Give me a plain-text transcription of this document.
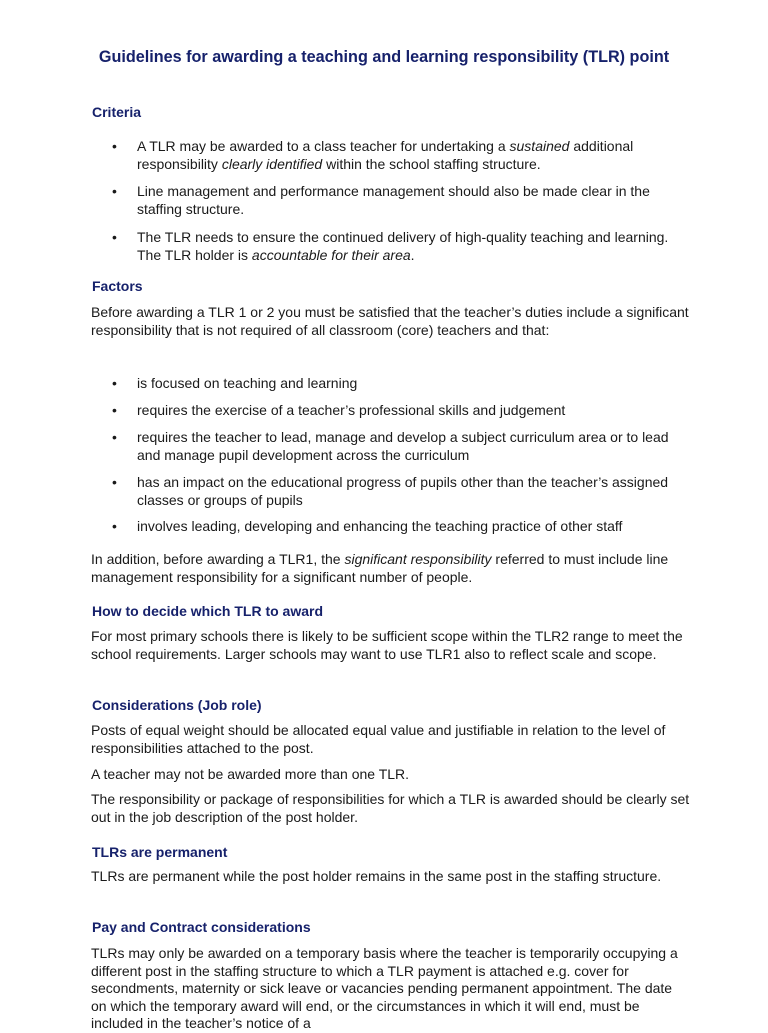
Guidelines for awarding a teaching and learning responsibility (TLR) point
Criteria
• A TLR may be awarded to a class teacher for undertaking a sustained additional responsibility clearly identified within the school staffing structure.
• Line management and performance management should also be made clear in the staffing structure.
• The TLR needs to ensure the continued delivery of high-quality teaching and learning. The TLR holder is accountable for their area.
Factors

Before awarding a TLR 1 or 2 you must be satisfied that the teacher’s duties include a significant responsibility that is not required of all classroom (core) teachers and that:

• is focused on teaching and learning
• requires the exercise of a teacher’s professional skills and judgement
• requires the teacher to lead, manage and develop a subject curriculum area or to lead and manage pupil development across the curriculum
• has an impact on the educational progress of pupils other than the teacher’s assigned classes or groups of pupils
• involves leading, developing and enhancing the teaching practice of other staff

In addition, before awarding a TLR1, the significant responsibility referred to must include line management responsibility for a significant number of people.

How to decide which TLR to award

For most primary schools there is likely to be sufficient scope within the TLR2 range to meet the school requirements. Larger schools may want to use TLR1 also to reflect scale and scope.

Considerations (Job role)

Posts of equal weight should be allocated equal value and justifiable in relation to the level of responsibilities attached to the post.

A teacher may not be awarded more than one TLR.

The responsibility or package of responsibilities for which a TLR is awarded should be clearly set out in the job description of the post holder.

TLRs are permanent

TLRs are permanent while the post holder remains in the same post in the staffing structure.

Pay and Contract considerations

TLRs may only be awarded on a temporary basis where the teacher is temporarily occupying a different post in the staffing structure to which a TLR payment is attached e.g. cover for secondments, maternity or sick leave or vacancies pending permanent appointment. The date on which the temporary award will end, or the circumstances in which it will end, must be included in the teacher’s notice of a
